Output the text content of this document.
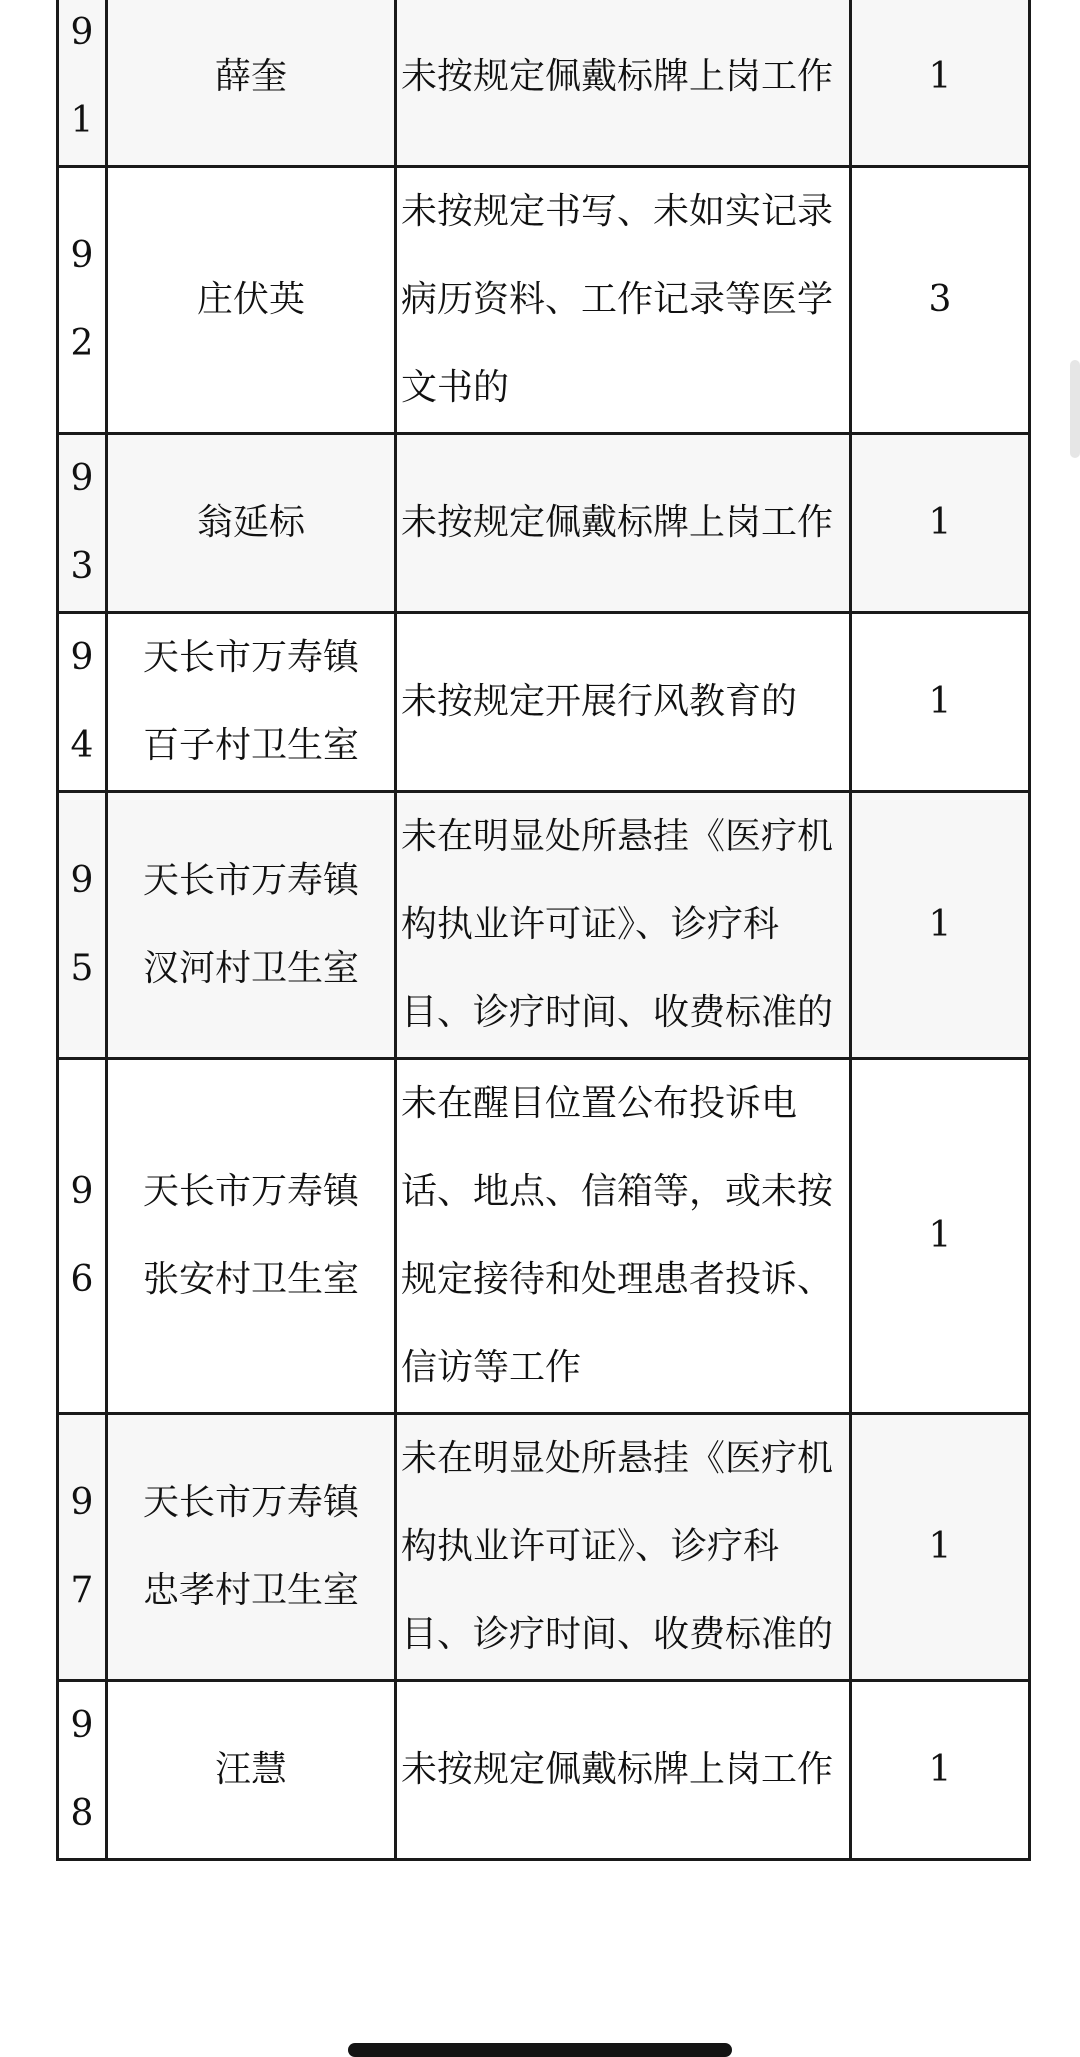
91	薛奎	未按规定佩戴标牌上岗工作	1

92	庄伏英	未按规定书写、未如实记录病历资料、工作记录等医学文书的	3

93	翁延标	未按规定佩戴标牌上岗工作	1

94	天长市万寿镇百子村卫生室	未按规定开展行风教育的	1

95	天长市万寿镇汊河村卫生室	未在明显处所悬挂《医疗机构执业许可证》、诊疗科目、诊疗时间、收费标准的	1

96	天长市万寿镇张安村卫生室	未在醒目位置公布投诉电话、地点、信箱等，或未按规定接待和处理患者投诉、信访等工作	1

97	天长市万寿镇忠孝村卫生室	未在明显处所悬挂《医疗机构执业许可证》、诊疗科目、诊疗时间、收费标准的	1

98	汪慧	未按规定佩戴标牌上岗工作	1
